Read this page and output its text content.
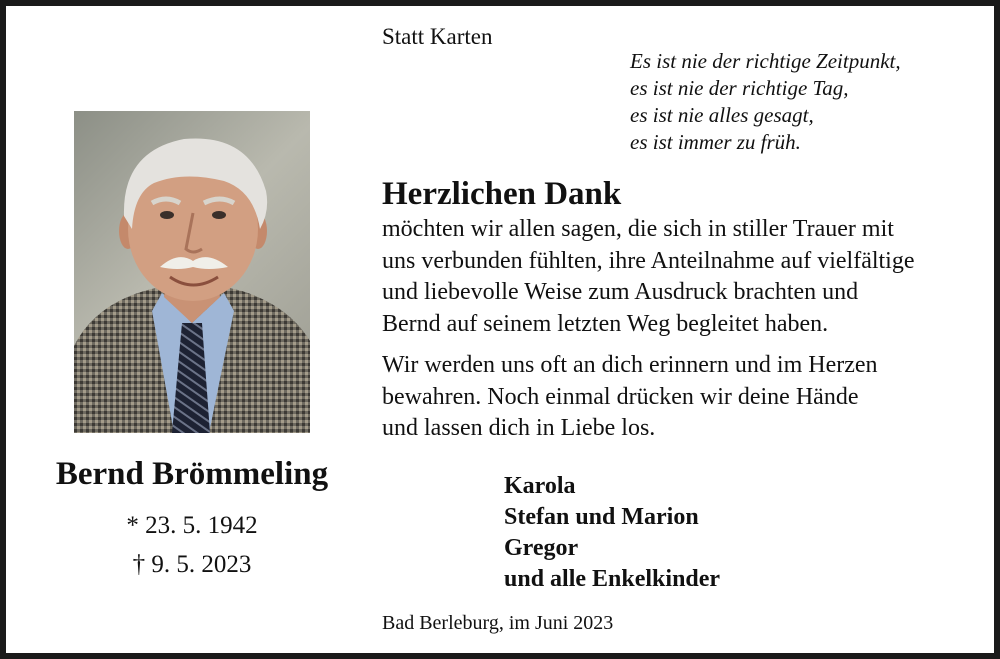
Statt Karten
Es ist nie der richtige Zeitpunkt,
es ist nie der richtige Tag,
es ist nie alles gesagt,
es ist immer zu früh.
Bernd Brömmeling
* 23. 5. 1942
† 9. 5. 2023
Herzlichen Dank
möchten wir allen sagen, die sich in stiller Trauer mit
uns verbunden fühlten, ihre Anteilnahme auf vielfältige
und liebevolle Weise zum Ausdruck brachten und
Bernd auf seinem letzten Weg begleitet haben.
Wir werden uns oft an dich erinnern und im Herzen
bewahren. Noch einmal drücken wir deine Hände
und lassen dich in Liebe los.
Karola
Stefan und Marion
Gregor
und alle Enkelkinder
Bad Berleburg, im Juni 2023
